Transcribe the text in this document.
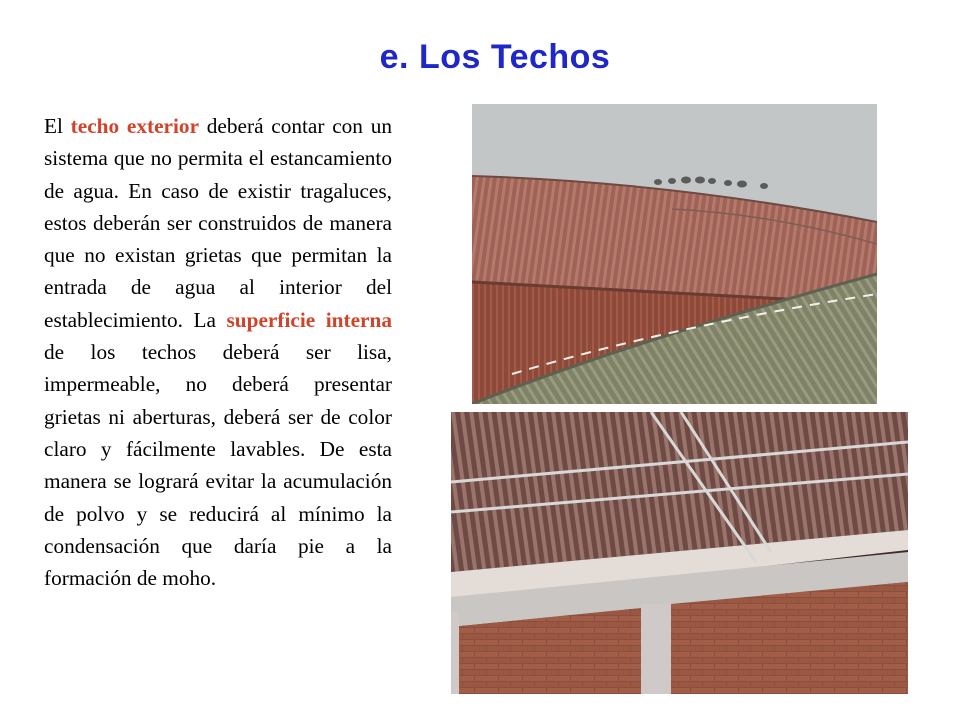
e. Los Techos
El techo exterior deberá contar con un sistema que no permita el estancamiento de agua. En caso de existir tragaluces, estos deberán ser construidos de manera que no existan grietas que permitan la entrada de agua al interior del establecimiento. La superficie interna de los techos deberá ser lisa, impermeable, no deberá presentar grietas ni aberturas, deberá ser de color claro y fácilmente lavables. De esta manera se logrará evitar la acumulación de polvo y se reducirá al mínimo la condensación que daría pie a la formación de moho.
